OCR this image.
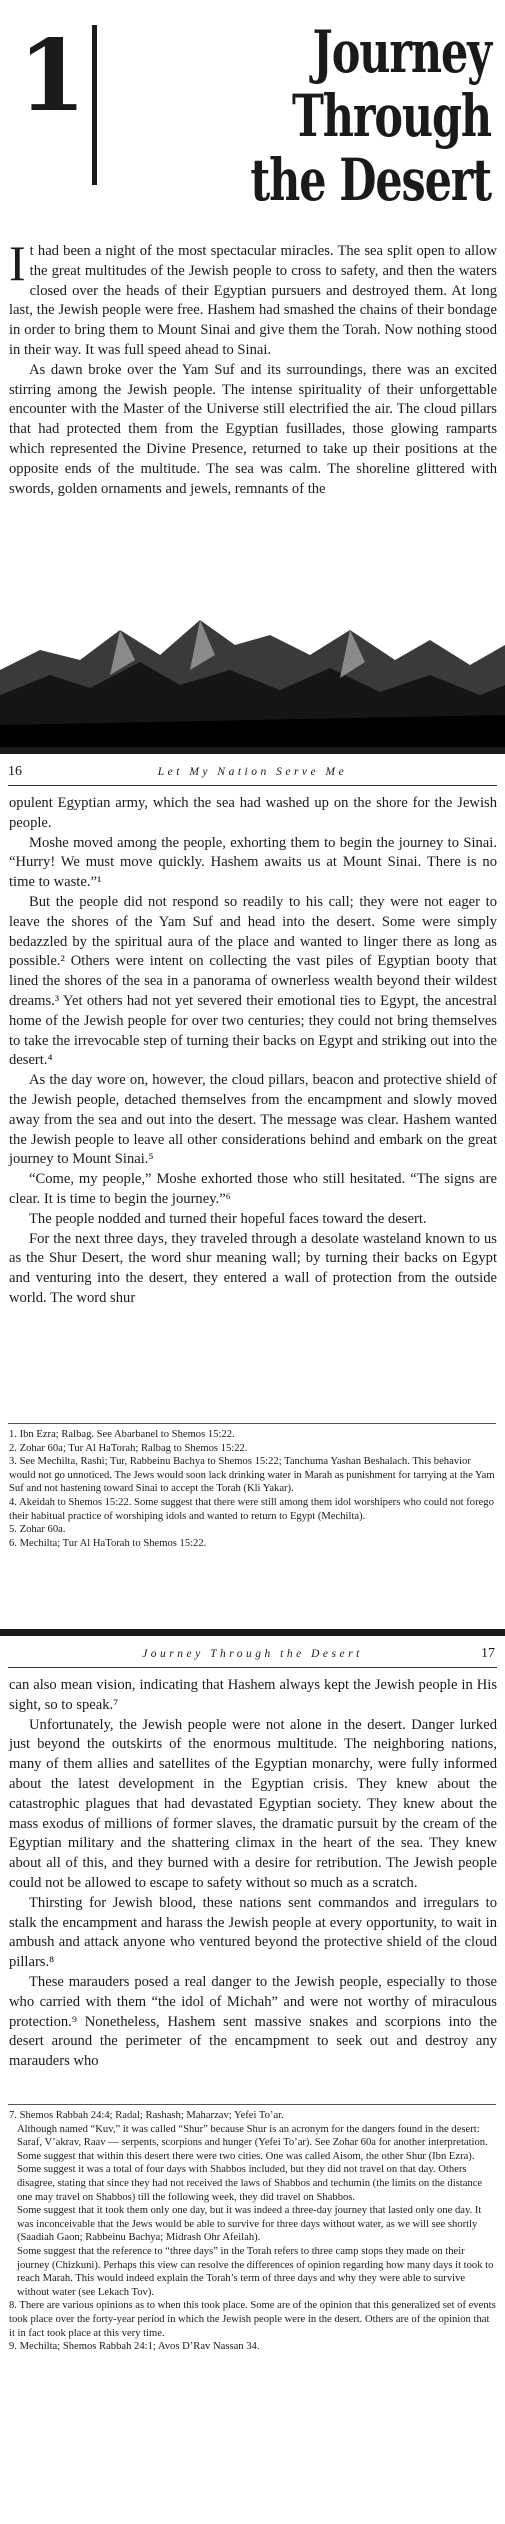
1	Journey Through
the Desert

It had been a night of the most spectacular miracles. The sea split open to allow the great multitudes of the Jewish people to cross to safety, and then the waters closed over the heads of their Egyptian pursuers and destroyed them. At long last, the Jewish people were free. Hashem had smashed the chains of their bondage in order to bring them to Mount Sinai and give them the Torah. Now nothing stood in their way. It was full speed ahead to Sinai.

As dawn broke over the Yam Suf and its surroundings, there was an excited stirring among the Jewish people. The intense spirituality of their unforgettable encounter with the Master of the Universe still electrified the air. The cloud pillars that had protected them from the Egyptian fusillades, those glowing ramparts which represented the Divine Presence, returned to take up their positions at the opposite ends of the multitude. The sea was calm. The shoreline glittered with swords, golden ornaments and jewels, remnants of the

16	Let My Nation Serve Me

opulent Egyptian army, which the sea had washed up on the shore for the Jewish people.

Moshe moved among the people, exhorting them to begin the journey to Sinai. “Hurry! We must move quickly. Hashem awaits us at Mount Sinai. There is no time to waste.”¹

But the people did not respond so readily to his call; they were not eager to leave the shores of the Yam Suf and head into the desert. Some were simply bedazzled by the spiritual aura of the place and wanted to linger there as long as possible.² Others were intent on collecting the vast piles of Egyptian booty that lined the shores of the sea in a panorama of ownerless wealth beyond their wildest dreams.³ Yet others had not yet severed their emotional ties to Egypt, the ancestral home of the Jewish people for over two centuries; they could not bring themselves to take the irrevocable step of turning their backs on Egypt and striking out into the desert.⁴

As the day wore on, however, the cloud pillars, beacon and protective shield of the Jewish people, detached themselves from the encampment and slowly moved away from the sea and out into the desert. The message was clear. Hashem wanted the Jewish people to leave all other considerations behind and embark on the great journey to Mount Sinai.⁵

“Come, my people,” Moshe exhorted those who still hesitated. “The signs are clear. It is time to begin the journey.”⁶

The people nodded and turned their hopeful faces toward the desert.

For the next three days, they traveled through a desolate wasteland known to us as the Shur Desert, the word shur meaning wall; by turning their backs on Egypt and venturing into the desert, they entered a wall of protection from the outside world. The word shur

1. Ibn Ezra; Ralbag. See Abarbanel to Shemos 15:22.

2. Zohar 60a; Tur Al HaTorah; Ralbag to Shemos 15:22.

3. See Mechilta, Rashi; Tur, Rabbeinu Bachya to Shemos 15:22; Tanchuma Yashan Beshalach. This behavior would not go unnoticed. The Jews would soon lack drinking water in Marah as punishment for tarrying at the Yam Suf and not hastening toward Sinai to accept the Torah (Kli Yakar).

4. Akeidah to Shemos 15:22. Some suggest that there were still among them idol worshipers who could not forego their habitual practice of worshiping idols and wanted to return to Egypt (Mechilta).

5. Zohar 60a.

6. Mechilta; Tur Al HaTorah to Shemos 15:22.

Journey Through the Desert	17

can also mean vision, indicating that Hashem always kept the Jewish people in His sight, so to speak.⁷

Unfortunately, the Jewish people were not alone in the desert. Danger lurked just beyond the outskirts of the enormous multitude. The neighboring nations, many of them allies and satellites of the Egyptian monarchy, were fully informed about the latest development in the Egyptian crisis. They knew about the catastrophic plagues that had devastated Egyptian society. They knew about the mass exodus of millions of former slaves, the dramatic pursuit by the cream of the Egyptian military and the shattering climax in the heart of the sea. They knew about all of this, and they burned with a desire for retribution. The Jewish people could not be allowed to escape to safety without so much as a scratch.

Thirsting for Jewish blood, these nations sent commandos and irregulars to stalk the encampment and harass the Jewish people at every opportunity, to wait in ambush and attack anyone who ventured beyond the protective shield of the cloud pillars.⁸

These marauders posed a real danger to the Jewish people, especially to those who carried with them “the idol of Michah” and were not worthy of miraculous protection.⁹ Nonetheless, Hashem sent massive snakes and scorpions into the desert around the perimeter of the encampment to seek out and destroy any marauders who

7. Shemos Rabbah 24:4; Radal; Rashash; Maharzav; Yefei To’ar.

Although named “Kuv,” it was called “Shur” because Shur is an acronym for the dangers found in the desert: Saraf, V’akrav, Raav — serpents, scorpions and hunger (Yefei To’ar). See Zohar 60a for another interpretation.

Some suggest that within this desert there were two cities. One was called Aisom, the other Shur (Ibn Ezra).

Some suggest it was a total of four days with Shabbos included, but they did not travel on that day. Others disagree, stating that since they had not received the laws of Shabbos and techumin (the limits on the distance one may travel on Shabbos) till the following week, they did travel on Shabbos.

Some suggest that it took them only one day, but it was indeed a three-day journey that lasted only one day. It was inconceivable that the Jews would be able to survive for three days without water, as we will see shortly (Saadiah Gaon; Rabbeinu Bachya; Midrash Ohr Afeilah).

Some suggest that the reference to “three days” in the Torah refers to three camp stops they made on their journey (Chizkuni). Perhaps this view can resolve the differences of opinion regarding how many days it took to reach Marah. This would indeed explain the Torah’s term of three days and why they were able to survive without water (see Lekach Tov).

8. There are various opinions as to when this took place. Some are of the opinion that this generalized set of events took place over the forty-year period in which the Jewish people were in the desert. Others are of the opinion that it in fact took place at this very time.

9. Mechilta; Shemos Rabbah 24:1; Avos D’Rav Nassan 34.
